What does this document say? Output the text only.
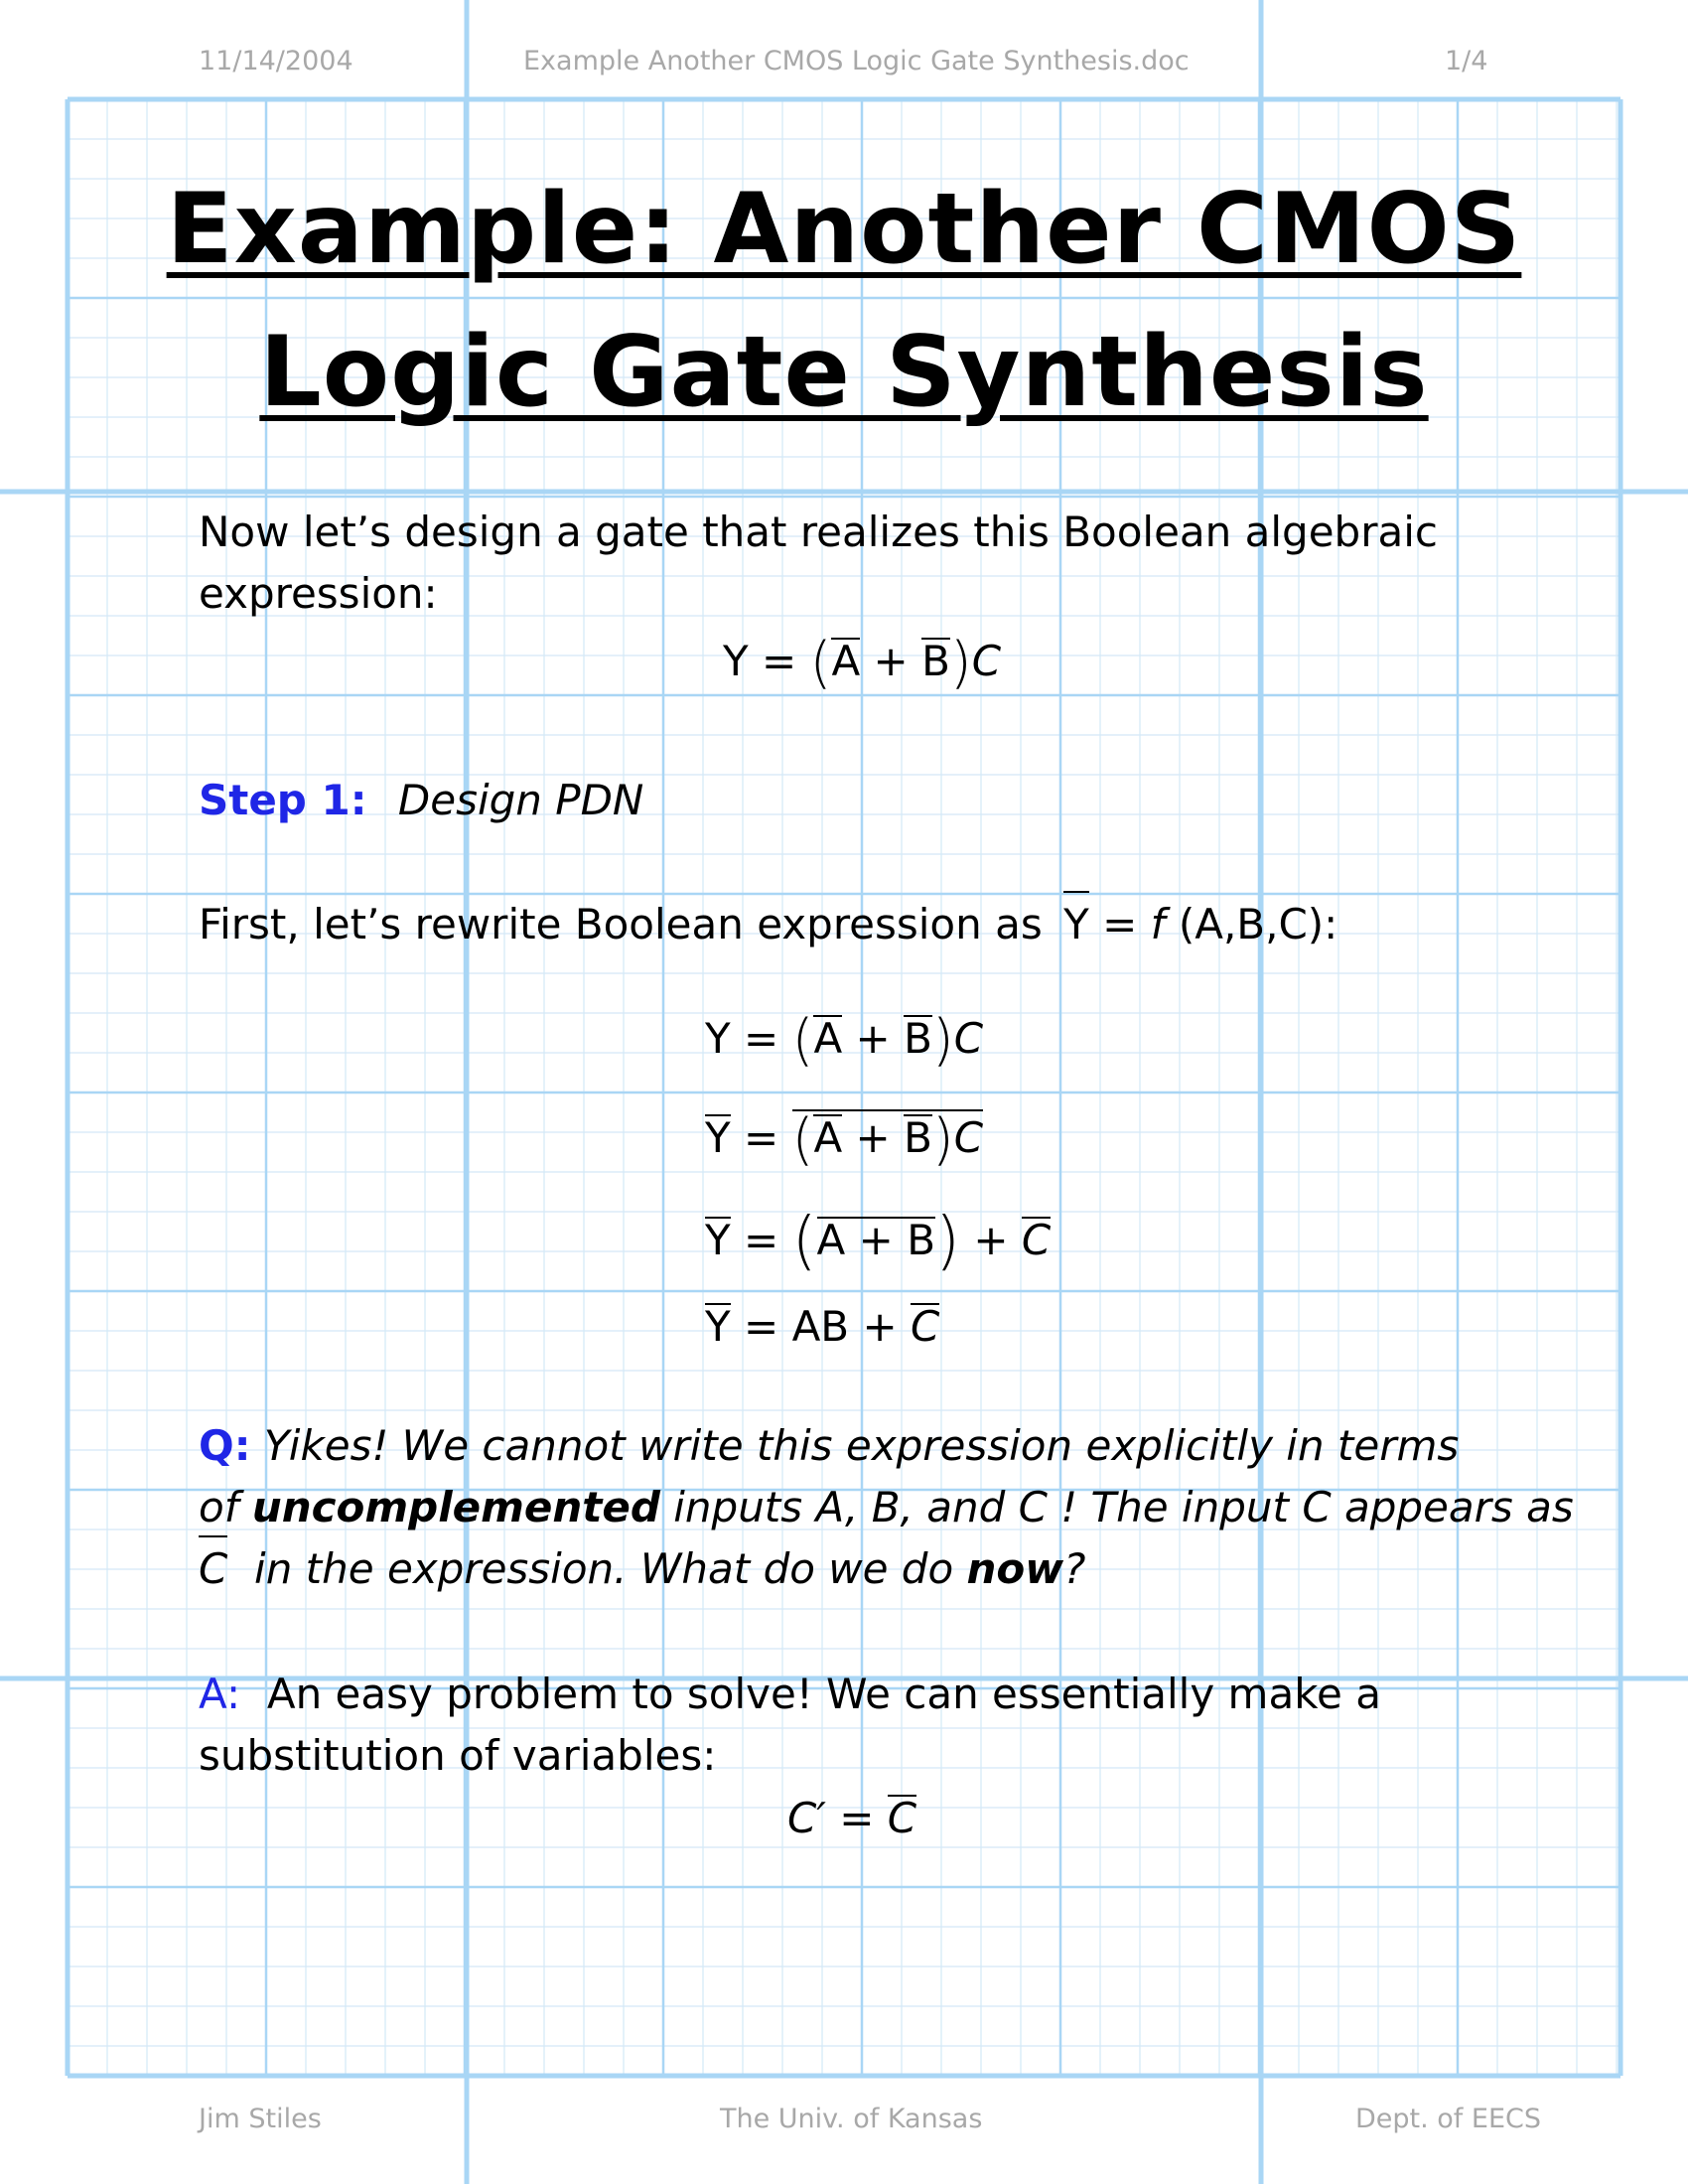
11/14/2004	Example Another CMOS Logic Gate Synthesis.doc	1/4
Example: Another CMOS
Logic Gate Synthesis
Now let’s design a gate that realizes this Boolean algebraic
expression:
Y = (A + B)C
Step 1: Design PDN
First, let’s rewrite Boolean expression as Y = f (A,B,C):
Y = (A + B)C
Y = (A + B)C
Y = (A + B) + C
Y = AB + C
Q: Yikes! We cannot write this expression explicitly in terms
of uncomplemented inputs A, B, and C ! The input C appears as
C in the expression. What do we do now?
A: An easy problem to solve! We can essentially make a
substitution of variables:
C′ = C
Jim Stiles	The Univ. of Kansas	Dept. of EECS
